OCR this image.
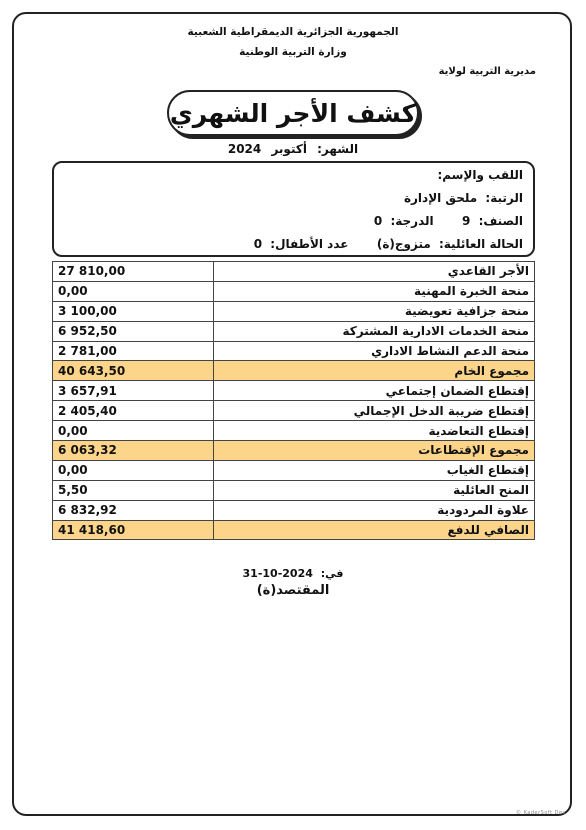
الجمهورية الجزائرية الديمقراطية الشعبية
وزارة التربية الوطنية
مديرية التربية لولاية
كشف الأجر الشهري
الشهر: أكتوبر 2024
اللقب والإسم:
الرتبة: ملحق الإدارة
الصنف: 9  الدرجة: 0
الحالة العائلية: متزوج(ة)  عدد الأطفال: 0
الأجر القاعدي	27 810,00
منحة الخبرة المهنية	0,00
منحة جزافية تعويضية	3 100,00
منحة الخدمات الادارية المشتركة	6 952,50
منحة الدعم النشاط الاداري	2 781,00
مجموع الخام	40 643,50
إقتطاع الضمان إجتماعي	3 657,91
إقتطاع ضريبة الدخل الإجمالي	2 405,40
إقتطاع التعاضدية	0,00
مجموع الإقتطاعات	6 063,32
إقتطاع الغياب	0,00
المنح العائلية	5,50
علاوة المردودية	6 832,92
الصافي للدفع	41 418,60
في: 2024-10-31
المقتصد(ة)
© KaderSoft Dev
